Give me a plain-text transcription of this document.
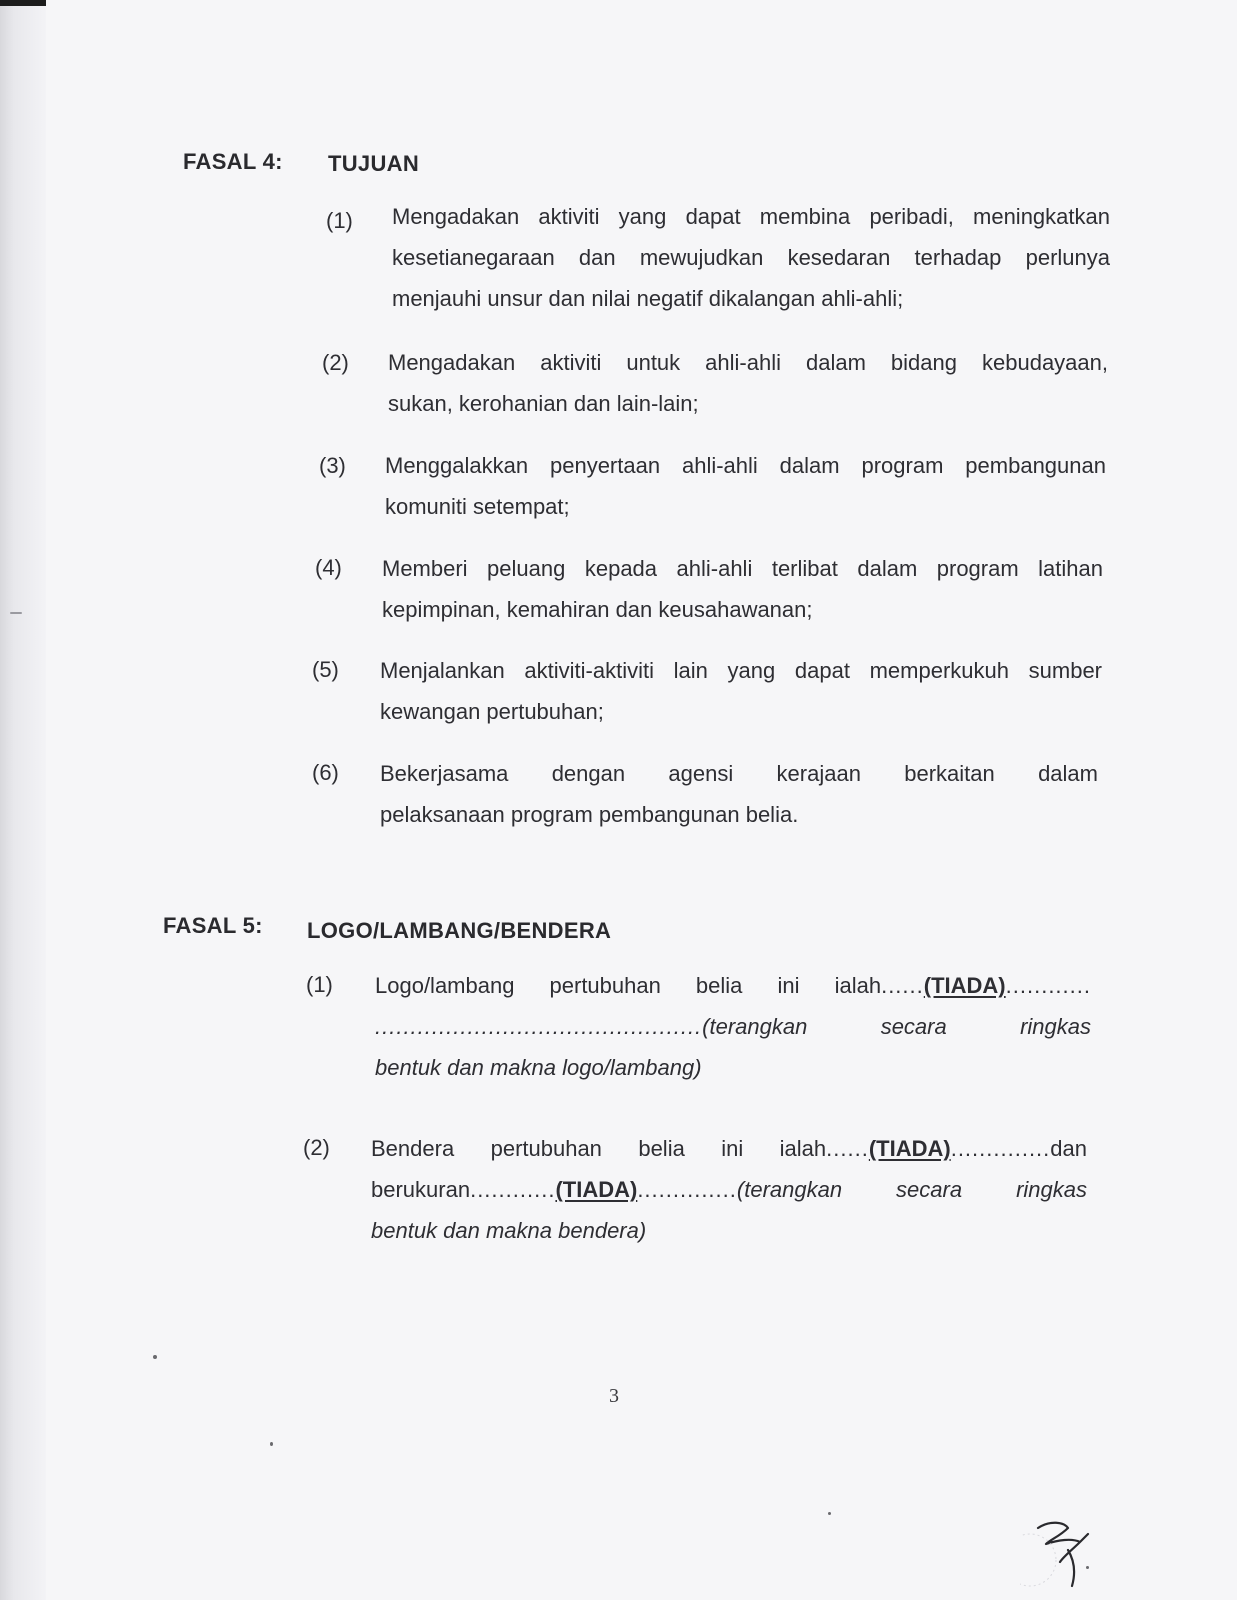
FASAL 4: TUJUAN
(1) Mengadakan aktiviti yang dapat membina peribadi, meningkatkan
kesetianegaraan dan mewujudkan kesedaran terhadap perlunya
menjauhi unsur dan nilai negatif dikalangan ahli-ahli;
(2) Mengadakan aktiviti untuk ahli-ahli dalam bidang kebudayaan,
sukan, kerohanian dan lain-lain;
(3) Menggalakkan penyertaan ahli-ahli dalam program pembangunan
komuniti setempat;
(4) Memberi peluang kepada ahli-ahli terlibat dalam program latihan
kepimpinan, kemahiran dan keusahawanan;
(5) Menjalankan aktiviti-aktiviti lain yang dapat memperkukuh sumber
kewangan pertubuhan;
(6) Bekerjasama dengan agensi kerajaan berkaitan dalam
pelaksanaan program pembangunan belia.
FASAL 5: LOGO/LAMBANG/BENDERA
(1) Logo/lambang pertubuhan belia ini ialah......(TIADA)............
..............................................(terangkan secara ringkas
bentuk dan makna logo/lambang)
(2) Bendera pertubuhan belia ini ialah......(TIADA)..............dan
berukuran............(TIADA)..............(terangkan secara ringkas
bentuk dan makna bendera)
3
